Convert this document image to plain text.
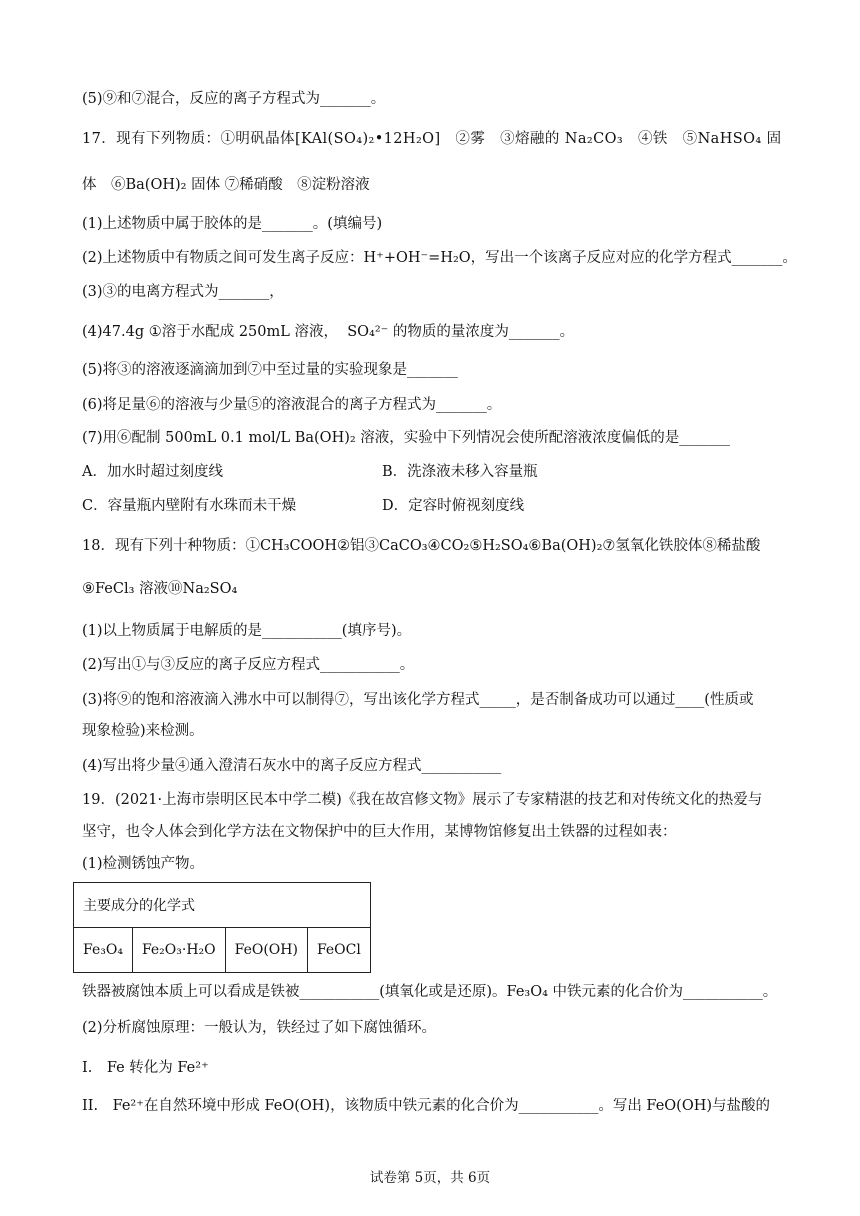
(5)⑨和⑦混合，反应的离子方程式为_______。
17．现有下列物质：①明矾晶体[KAl(SO₄)₂•12H₂O]　②雾　③熔融的 Na₂CO₃　④铁　⑤NaHSO₄ 固
体　⑥Ba(OH)₂ 固体 ⑦稀硝酸　⑧淀粉溶液
(1)上述物质中属于胶体的是_______。(填编号)
(2)上述物质中有物质之间可发生离子反应：H⁺+OH⁻=H₂O，写出一个该离子反应对应的化学方程式_______。
(3)③的电离方程式为_______，
(4)47.4g ①溶于水配成 250mL 溶液，  SO₄²⁻ 的物质的量浓度为_______。
(5)将③的溶液逐滴滴加到⑦中至过量的实验现象是_______
(6)将足量⑥的溶液与少量⑤的溶液混合的离子方程式为_______。
(7)用⑥配制 500mL 0.1 mol/L Ba(OH)₂ 溶液，实验中下列情况会使所配溶液浓度偏低的是_______
A．加水时超过刻度线	B．洗涤液未移入容量瓶
C．容量瓶内壁附有水珠而未干燥	D．定容时俯视刻度线
18．现有下列十种物质：①CH₃COOH②铝③CaCO₃④CO₂⑤H₂SO₄⑥Ba(OH)₂⑦氢氧化铁胶体⑧稀盐酸
⑨FeCl₃ 溶液⑩Na₂SO₄
(1)以上物质属于电解质的是___________(填序号)。
(2)写出①与③反应的离子反应方程式___________。
(3)将⑨的饱和溶液滴入沸水中可以制得⑦，写出该化学方程式_____，是否制备成功可以通过____(性质或
现象检验)来检测。
(4)写出将少量④通入澄清石灰水中的离子反应方程式___________
19．(2021·上海市崇明区民本中学二模)《我在故宫修文物》展示了专家精湛的技艺和对传统文化的热爱与
坚守，也令人体会到化学方法在文物保护中的巨大作用，某博物馆修复出土铁器的过程如表：
(1)检测锈蚀产物。
主要成分的化学式
Fe₃O₄	Fe₂O₃·H₂O	FeO(OH)	FeOCl
铁器被腐蚀本质上可以看成是铁被___________(填氧化或是还原)。Fe₃O₄ 中铁元素的化合价为___________。
(2)分析腐蚀原理：一般认为，铁经过了如下腐蚀循环。
I.　Fe 转化为 Fe²⁺
II.　Fe²⁺在自然环境中形成 FeO(OH)，该物质中铁元素的化合价为___________。写出 FeO(OH)与盐酸的
试卷第 5页，共 6页
